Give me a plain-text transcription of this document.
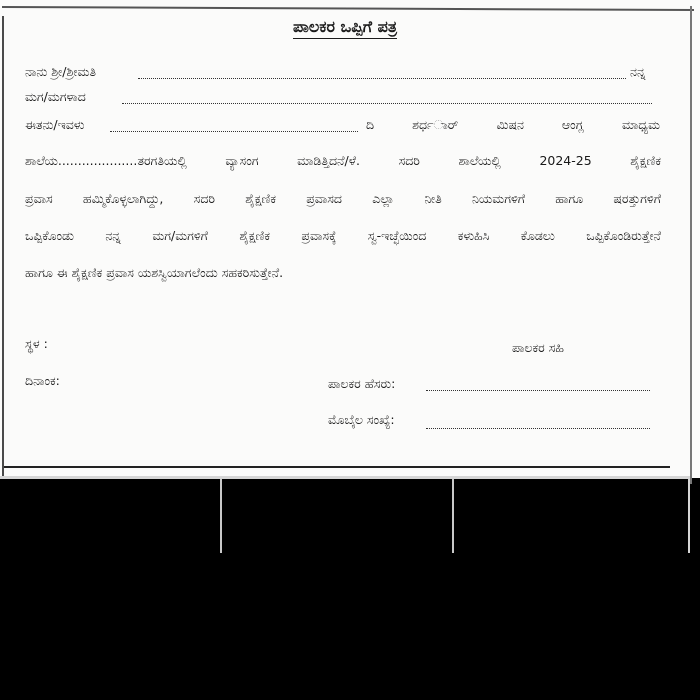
ಪಾಲಕರ ಒಪ್ಪಿಗೆ ಪತ್ರ
ನಾನು ಶ್ರೀ/ಶ್ರೀಮತಿ	ನನ್ನ
ಮಗ/ಮಗಳಾದ
ಈತನು/ಇವಳು	ದಿ ಶರ್ಧರ್ಾ ಮಿಷನ ಆಂಗ್ಲ ಮಾಧ್ಯಮ
ಶಾಲೆಯ....................ತರಗತಿಯಲ್ಲಿ ವ್ಯಾಸಂಗ ಮಾಡಿತ್ತಿದನೆ/ಳೆ. ಸದರಿ ಶಾಲೆಯಲ್ಲಿ 2024-25 ಶೈಕ್ಷಣಿಕ
ಪ್ರವಾಸ ಹಮ್ಮಿಕೊಳ್ಳಲಾಗಿದ್ದು, ಸದರಿ ಶೈಕ್ಷಣಿಕ ಪ್ರವಾಸದ ಎಲ್ಲಾ ನೀತಿ ನಿಯಮಗಳಿಗೆ ಹಾಗೂ ಷರತ್ತುಗಳಿಗೆ
ಒಪ್ಪಿಕೊಂಡು ನನ್ನ ಮಗ/ಮಗಳಿಗೆ ಶೈಕ್ಷಣಿಕ ಪ್ರವಾಸಕ್ಕೆ ಸ್ವ-ಇಚ್ಛೆಯಿಂದ ಕಳುಹಿಸಿ ಕೊಡಲು ಒಪ್ಪಿಕೊಂಡಿರುತ್ತೇನೆ
ಹಾಗೂ ಈ ಶೈಕ್ಷಣಿಕ ಪ್ರವಾಸ ಯಶಸ್ವಿಯಾಗಲೆಂದು ಸಹಕರಿಸುತ್ತೇನೆ.
ಸ್ಥಳ :	ಪಾಲಕರ ಸಹಿ
ದಿನಾಂಕ:	ಪಾಲಕರ ಹೆಸರು:
ಮೊಬೈಲ ಸಂಖ್ಯೆ:
